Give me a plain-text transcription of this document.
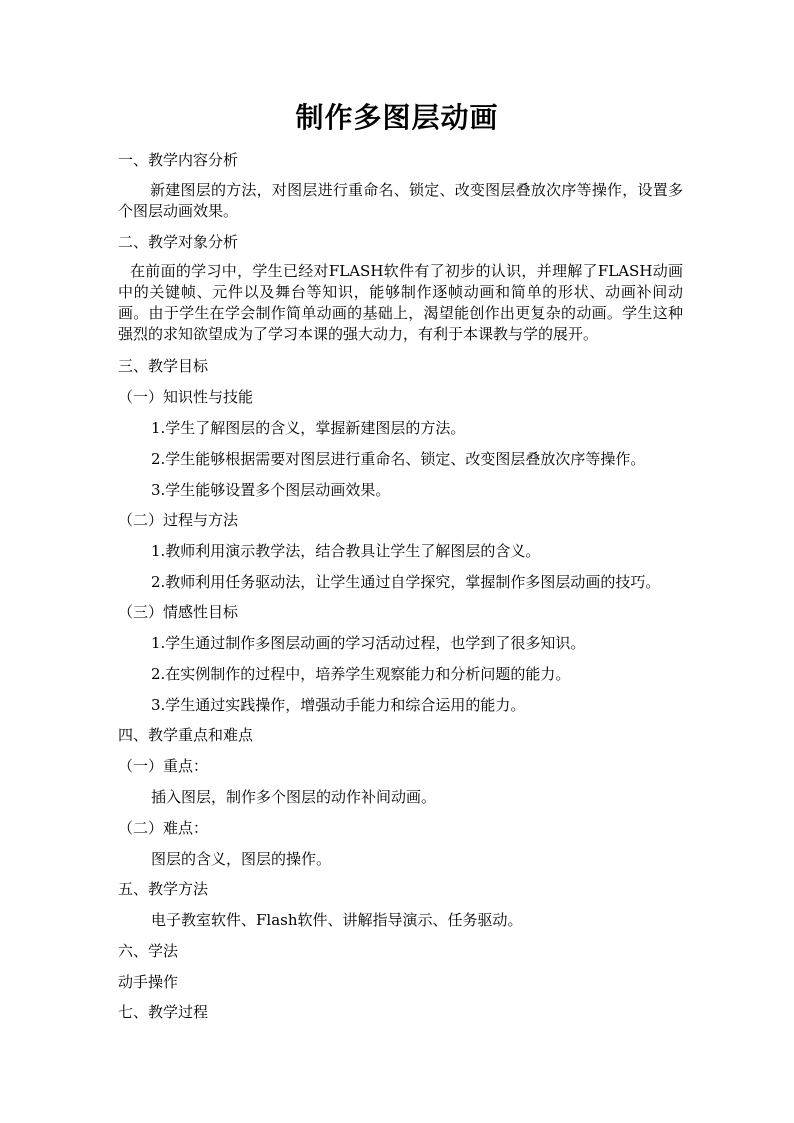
制作多图层动画
一、教学内容分析
新建图层的方法，对图层进行重命名、锁定、改变图层叠放次序等操作，设置多个图层动画效果。
二、教学对象分析
在前面的学习中，学生已经对FLASH软件有了初步的认识，并理解了FLASH动画中的关键帧、元件以及舞台等知识，能够制作逐帧动画和简单的形状、动画补间动画。由于学生在学会制作简单动画的基础上，渴望能创作出更复杂的动画。学生这种强烈的求知欲望成为了学习本课的强大动力，有利于本课教与学的展开。
三、教学目标
（一）知识性与技能
1.学生了解图层的含义，掌握新建图层的方法。
2.学生能够根据需要对图层进行重命名、锁定、改变图层叠放次序等操作。
3.学生能够设置多个图层动画效果。
（二）过程与方法
1.教师利用演示教学法，结合教具让学生了解图层的含义。
2.教师利用任务驱动法，让学生通过自学探究，掌握制作多图层动画的技巧。
（三）情感性目标
1.学生通过制作多图层动画的学习活动过程，也学到了很多知识。
2.在实例制作的过程中，培养学生观察能力和分析问题的能力。
3.学生通过实践操作，增强动手能力和综合运用的能力。
四、教学重点和难点
（一）重点：
插入图层，制作多个图层的动作补间动画。
（二）难点：
图层的含义，图层的操作。
五、教学方法
电子教室软件、Flash软件、讲解指导演示、任务驱动。
六、学法
动手操作
七、教学过程
